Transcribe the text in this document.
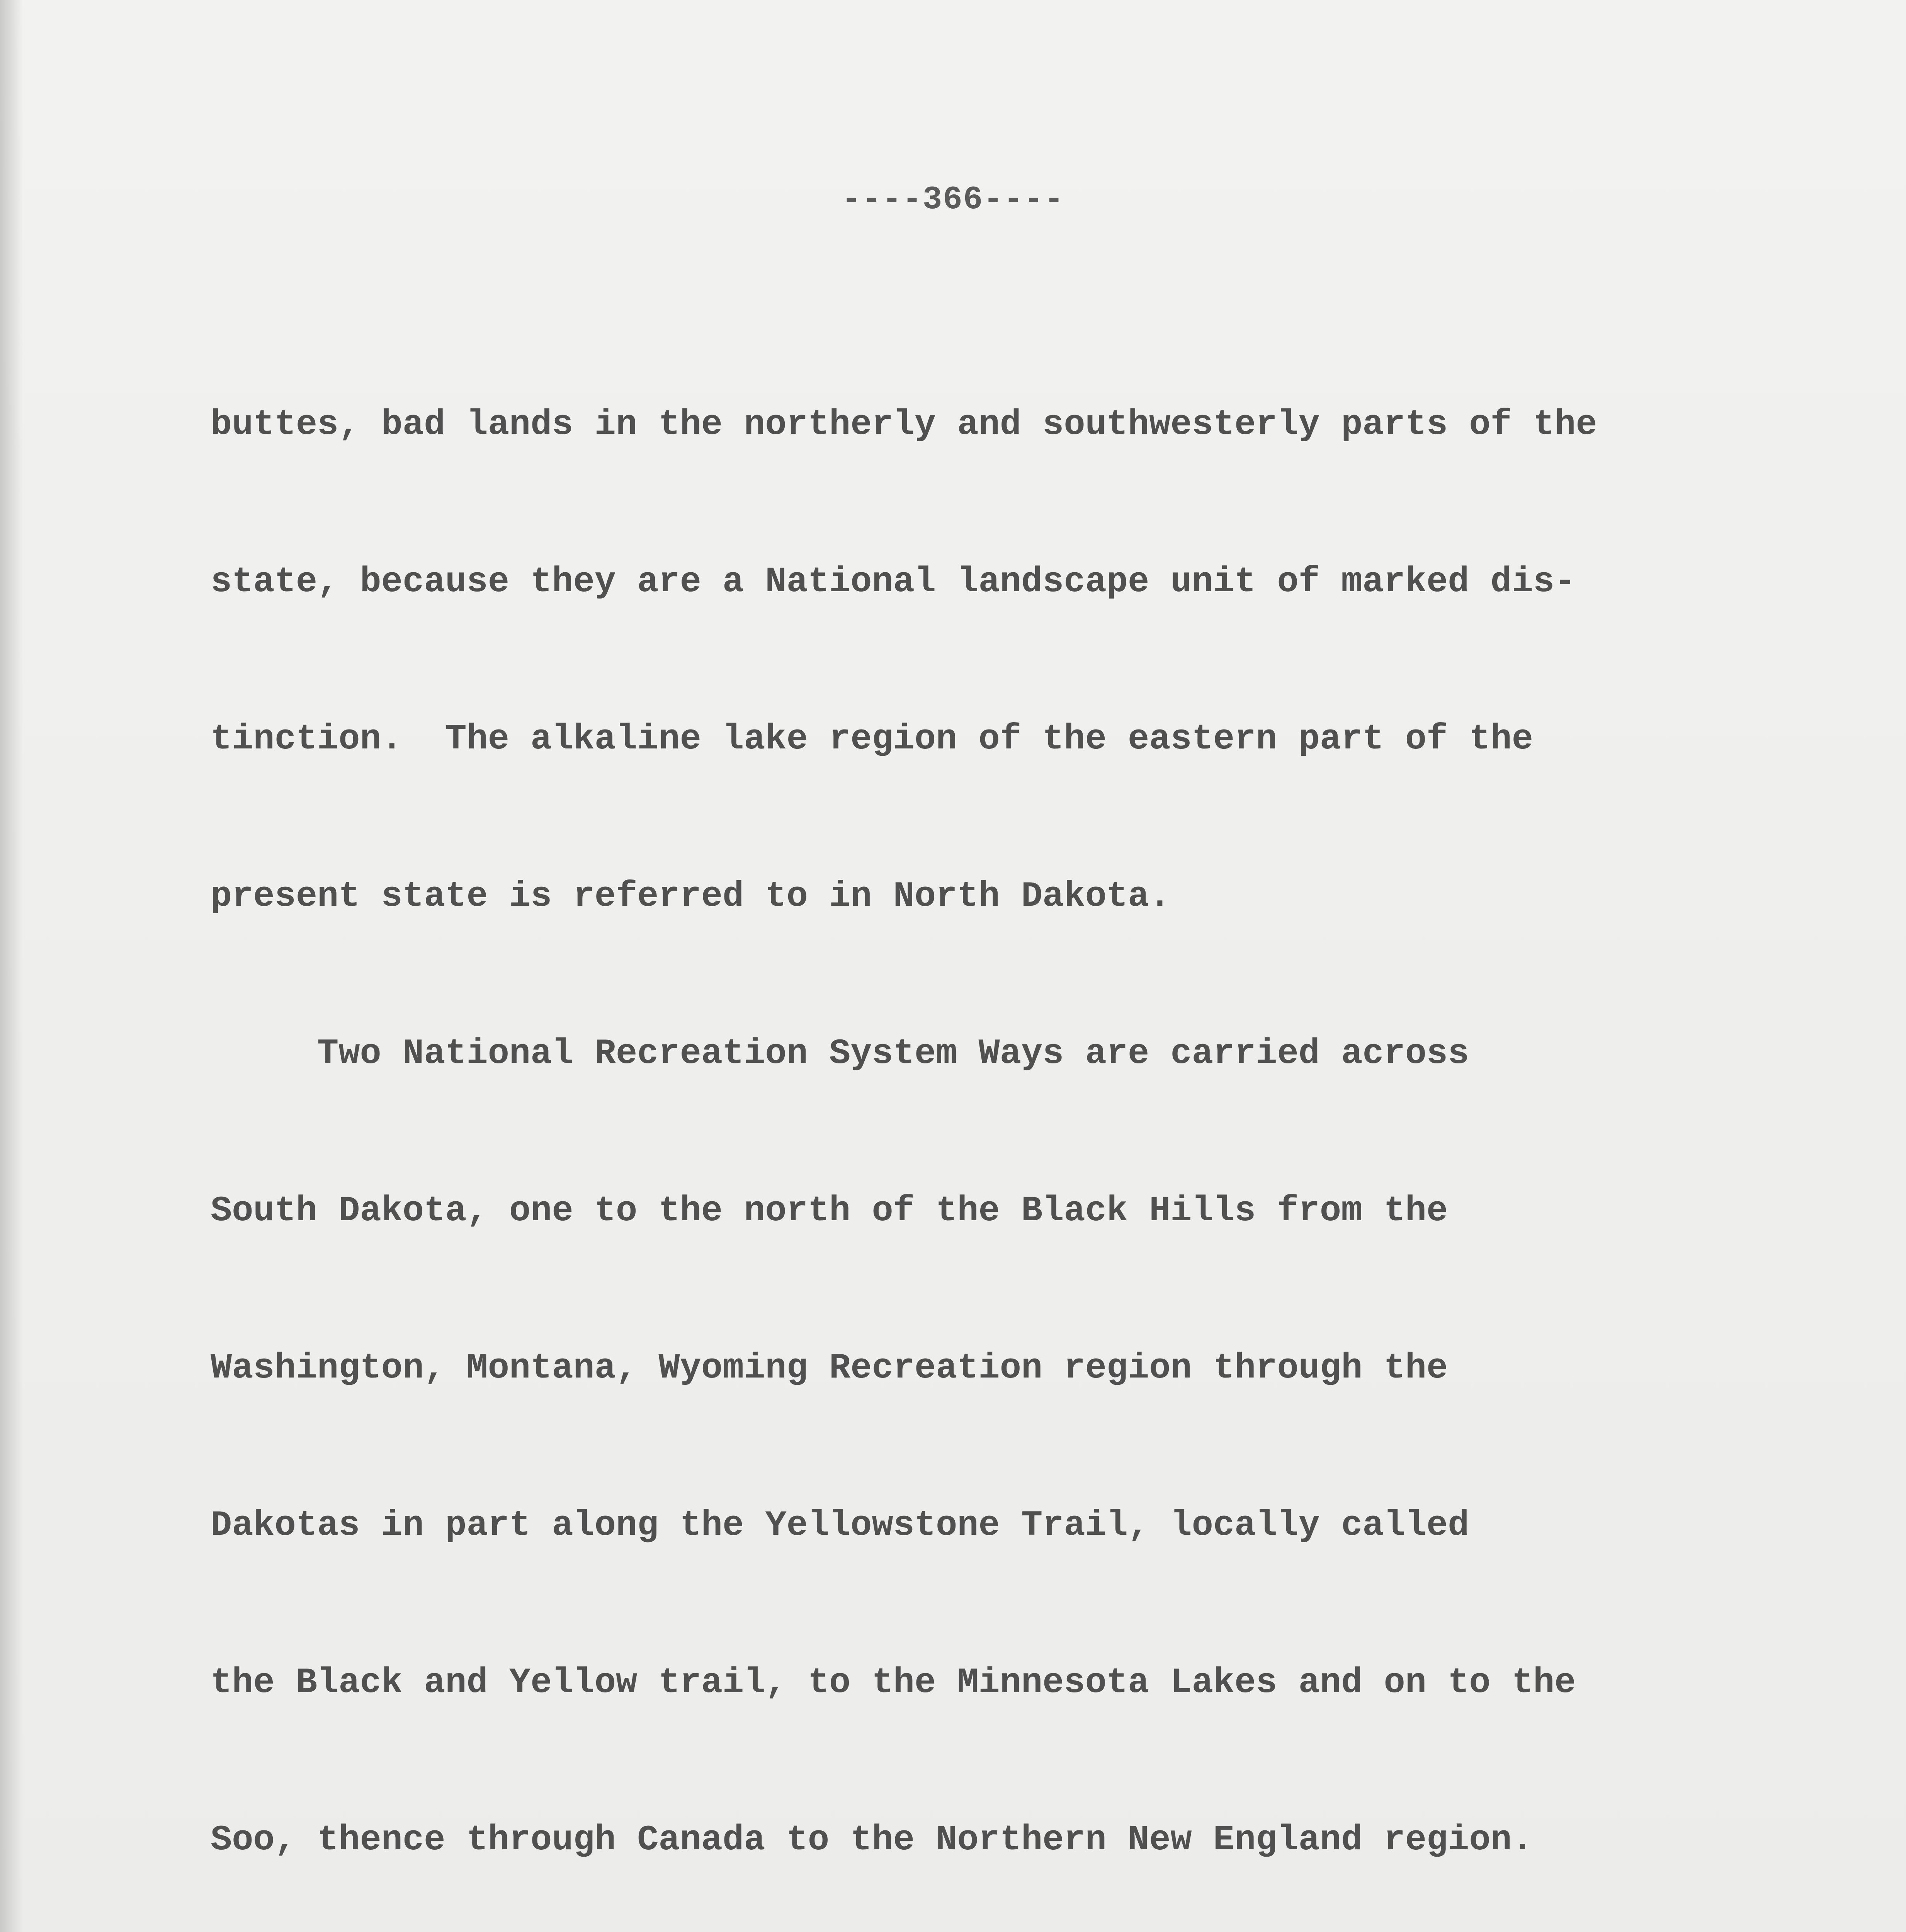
----366----

buttes, bad lands in the northerly and southwesterly parts of the

state, because they are a National landscape unit of marked dis-

tinction.  The alkaline lake region of the eastern part of the

present state is referred to in North Dakota.

Two National Recreation System Ways are carried across

South Dakota, one to the north of the Black Hills from the

Washington, Montana, Wyoming Recreation region through the

Dakotas in part along the Yellowstone Trail, locally called

the Black and Yellow trail, to the Minnesota Lakes and on to the

Soo, thence through Canada to the Northern New England region.
